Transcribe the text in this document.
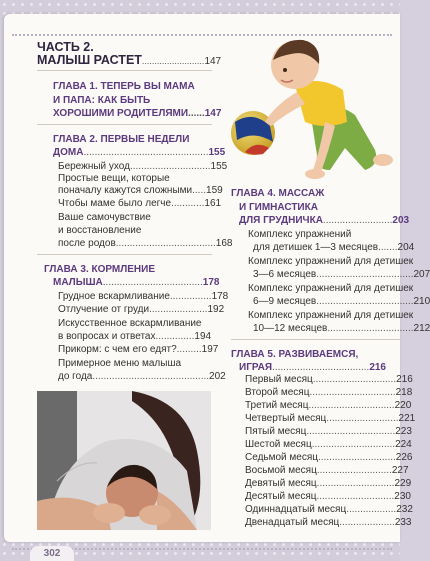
ЧАСТЬ 2.
МАЛЫШ РАСТЕТ.........................147
ГЛАВА 1. ТЕПЕРЬ ВЫ МАМА
И ПАПА: КАК БЫТЬ
ХОРОШИМИ РОДИТЕЛЯМИ......147
ГЛАВА 2. ПЕРВЫЕ НЕДЕЛИ
ДОМА.............................................155
Бережный уход.............................155
Простые вещи, которые
поначалу кажутся сложными.....159
Чтобы маме было легче............161
Ваше самочувствие
и восстановление
после родов....................................168
ГЛАВА 3. КОРМЛЕНИЕ
МАЛЫША....................................178
Грудное вскармливание...............178
Отлучение от груди.....................192
Искусственное вскармливание
в вопросах и ответах..............194
Прикорм: с чем его едят?.........197
Примерное меню малыша
до года..........................................202
ГЛАВА 4. МАССАЖ
И ГИМНАСТИКА
ДЛЯ ГРУДНИЧКА.........................203
Комплекс упражнений
для детишек 1—3 месяцев.......204
Комплекс упражнений для детишек
3—6 месяцев...................................207
Комплекс упражнений для детишек
6—9 месяцев...................................210
Комплекс упражнений для детишек
10—12 месяцев...............................212
ГЛАВА 5. РАЗВИВАЕМСЯ,
ИГРАЯ...................................216
Первый месяц..............................216
Второй месяц...............................218
Третий месяц...............................220
Четвертый месяц..........................221
Пятый месяц................................223
Шестой месяц..............................224
Седьмой месяц............................226
Восьмой месяц...........................227
Девятый месяц............................229
Десятый месяц............................230
Одиннадцатый месяц..................232
Двенадцатый месяц....................233
302
